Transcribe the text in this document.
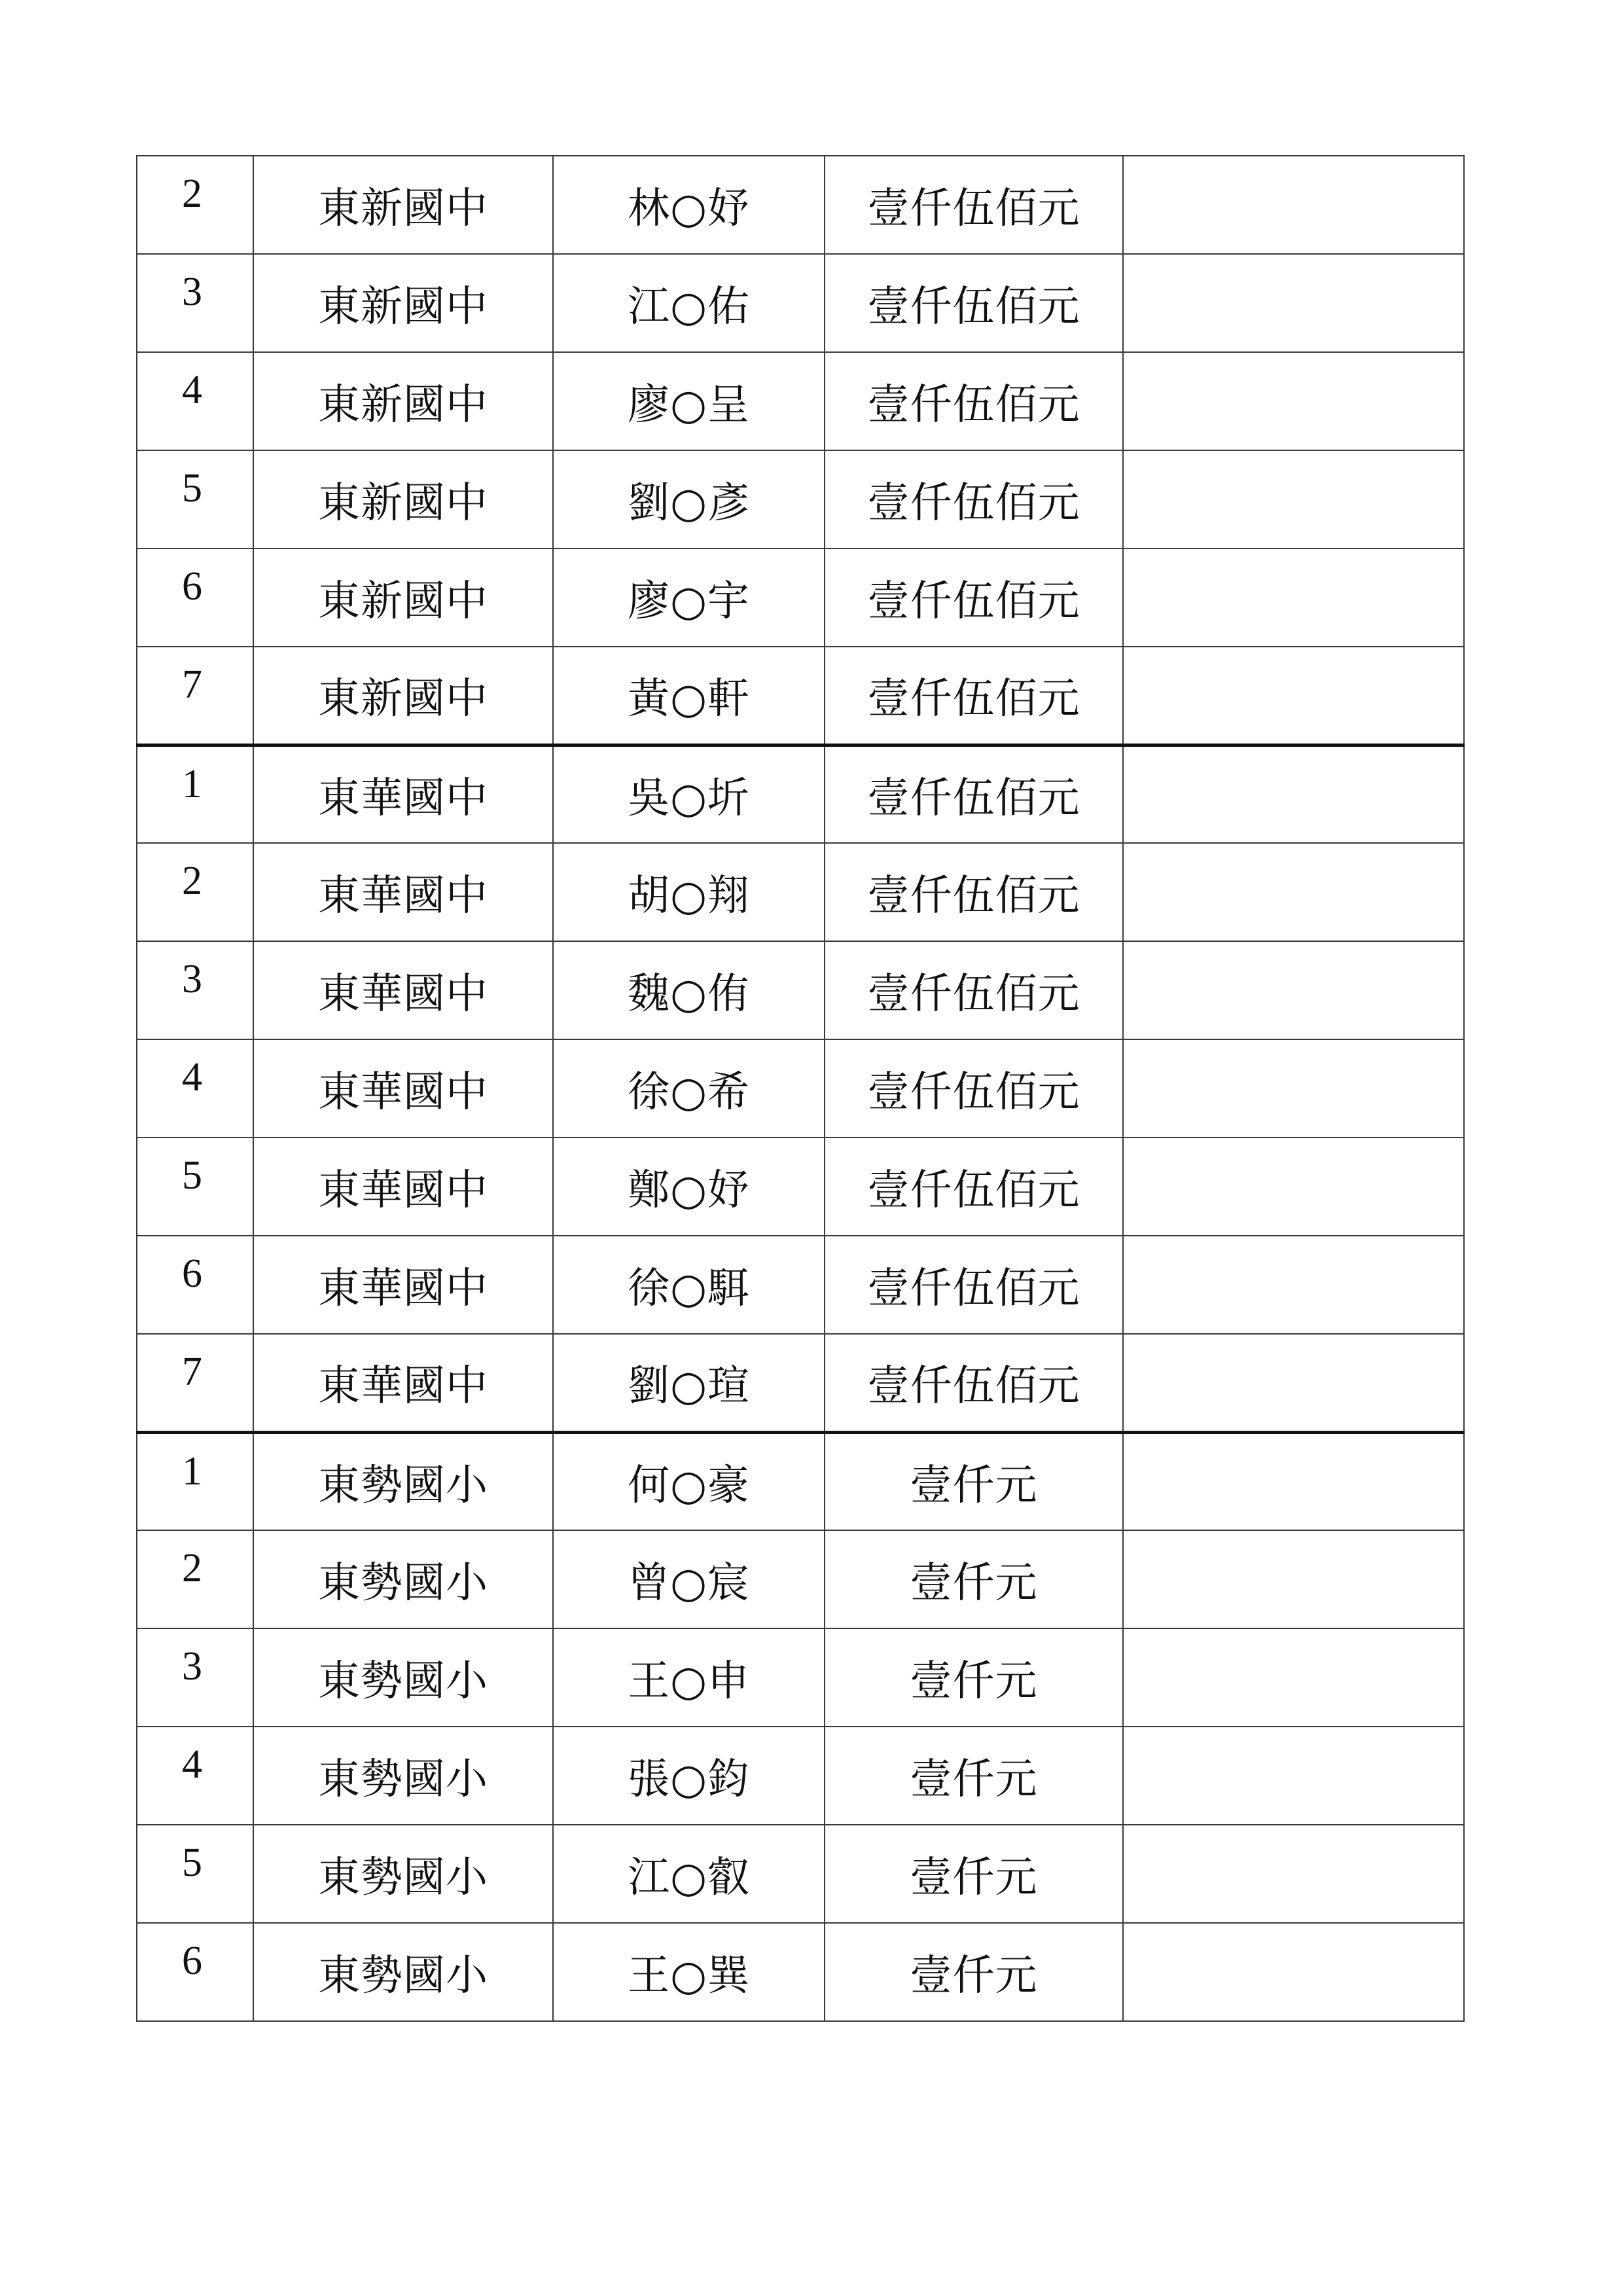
2	東新國中	林○妤	壹仟伍佰元	
3	東新國中	江○佑	壹仟伍佰元	
4	東新國中	廖○呈	壹仟伍佰元	
5	東新國中	劉○彥	壹仟伍佰元	
6	東新國中	廖○宇	壹仟伍佰元	
7	東新國中	黃○軒	壹仟伍佰元	
1	東華國中	吳○圻	壹仟伍佰元	
2	東華國中	胡○翔	壹仟伍佰元	
3	東華國中	魏○侑	壹仟伍佰元	
4	東華國中	徐○希	壹仟伍佰元	
5	東華國中	鄭○妤	壹仟伍佰元	
6	東華國中	徐○駬	壹仟伍佰元	
7	東華國中	劉○瑄	壹仟伍佰元	
1	東勢國小	何○豪	壹仟元	
2	東勢國小	曾○宸	壹仟元	
3	東勢國小	王○申	壹仟元	
4	東勢國小	張○鈞	壹仟元	
5	東勢國小	江○叡	壹仟元	
6	東勢國小	王○巽	壹仟元	
